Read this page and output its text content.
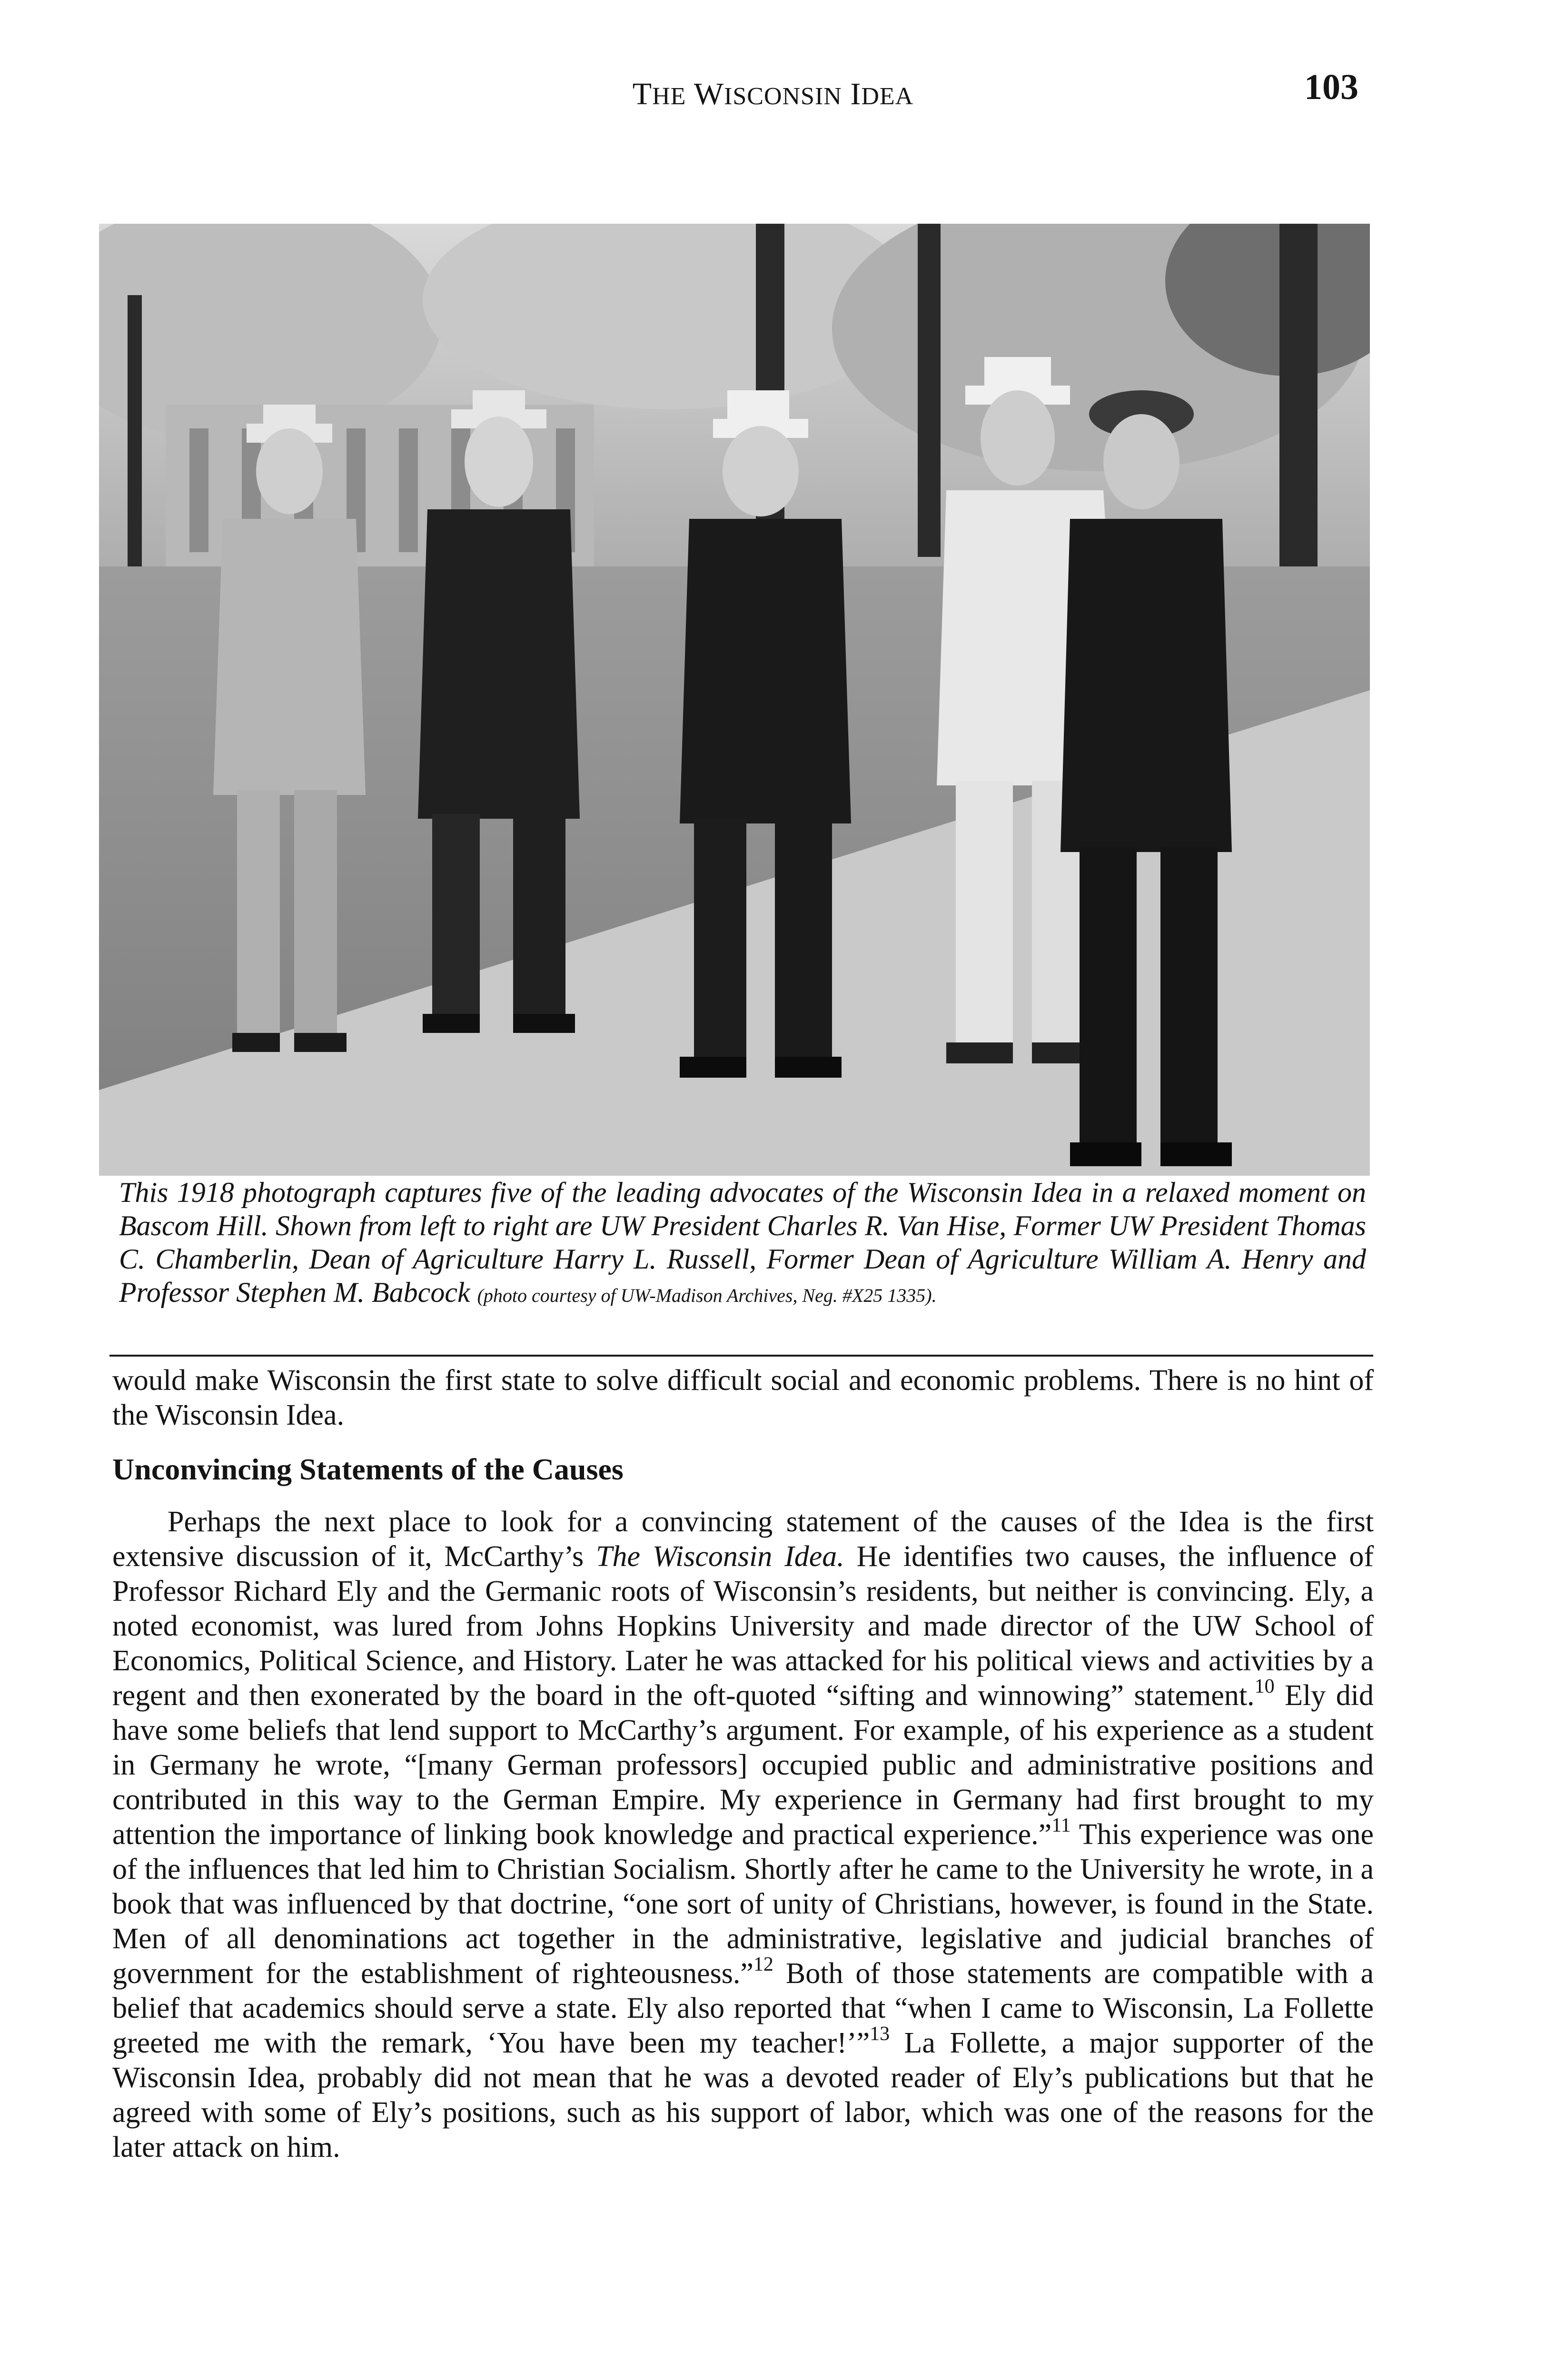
THE WISCONSIN IDEA	103
This 1918 photograph captures five of the leading advocates of the Wisconsin Idea in a relaxed moment on Bascom Hill. Shown from left to right are UW President Charles R. Van Hise, Former UW President Thomas C. Chamberlin, Dean of Agriculture Harry L. Russell, Former Dean of Agriculture William A. Henry and Professor Stephen M. Babcock (photo courtesy of UW-Madison Archives, Neg. #X25 1335).

would make Wisconsin the first state to solve difficult social and economic problems. There is no hint of the Wisconsin Idea.

Unconvincing Statements of the Causes

Perhaps the next place to look for a convincing statement of the causes of the Idea is the first extensive discussion of it, McCarthy’s The Wisconsin Idea. He identifies two causes, the influence of Professor Richard Ely and the Germanic roots of Wisconsin’s residents, but neither is convincing. Ely, a noted economist, was lured from Johns Hopkins University and made director of the UW School of Economics, Political Science, and History. Later he was attacked for his political views and activities by a regent and then exonerated by the board in the oft-quoted “sifting and winnowing” statement.$^{10}$ Ely did have some beliefs that lend support to McCarthy’s argument. For example, of his experience as a student in Germany he wrote, “[many German professors] occupied public and administrative positions and contributed in this way to the German Empire. My experience in Germany had first brought to my attention the importance of linking book knowledge and practical experience.”$^{11}$ This experience was one of the influences that led him to Christian Socialism. Shortly after he came to the University he wrote, in a book that was influenced by that doctrine, “one sort of unity of Christians, however, is found in the State. Men of all denominations act together in the administrative, legislative and judicial branches of government for the establishment of righteousness.”$^{12}$ Both of those statements are compatible with a belief that academics should serve a state. Ely also reported that “when I came to Wisconsin, La Follette greeted me with the remark, ‘You have been my teacher!’”$^{13}$ La Follette, a major supporter of the Wisconsin Idea, probably did not mean that he was a devoted reader of Ely’s publications but that he agreed with some of Ely’s positions, such as his support of labor, which was one of the reasons for the later attack on him.
